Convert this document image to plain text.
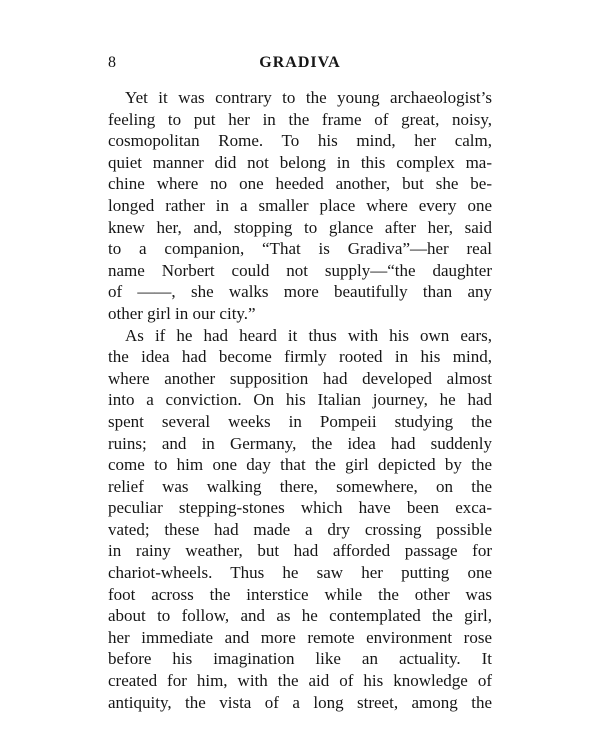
8	GRADIVA
Yet it was contrary to the young archaeologist’s
feeling to put her in the frame of great, noisy,
cosmopolitan Rome. To his mind, her calm,
quiet manner did not belong in this complex ma-
chine where no one heeded another, but she be-
longed rather in a smaller place where every one
knew her, and, stopping to glance after her, said
to a companion, “That is Gradiva”—her real
name Norbert could not supply—“the daughter
of ——, she walks more beautifully than any
other girl in our city.”
As if he had heard it thus with his own ears,
the idea had become firmly rooted in his mind,
where another supposition had developed almost
into a conviction. On his Italian journey, he had
spent several weeks in Pompeii studying the
ruins; and in Germany, the idea had suddenly
come to him one day that the girl depicted by the
relief was walking there, somewhere, on the
peculiar stepping-stones which have been exca-
vated; these had made a dry crossing possible
in rainy weather, but had afforded passage for
chariot-wheels. Thus he saw her putting one
foot across the interstice while the other was
about to follow, and as he contemplated the girl,
her immediate and more remote environment rose
before his imagination like an actuality. It
created for him, with the aid of his knowledge of
antiquity, the vista of a long street, among the
